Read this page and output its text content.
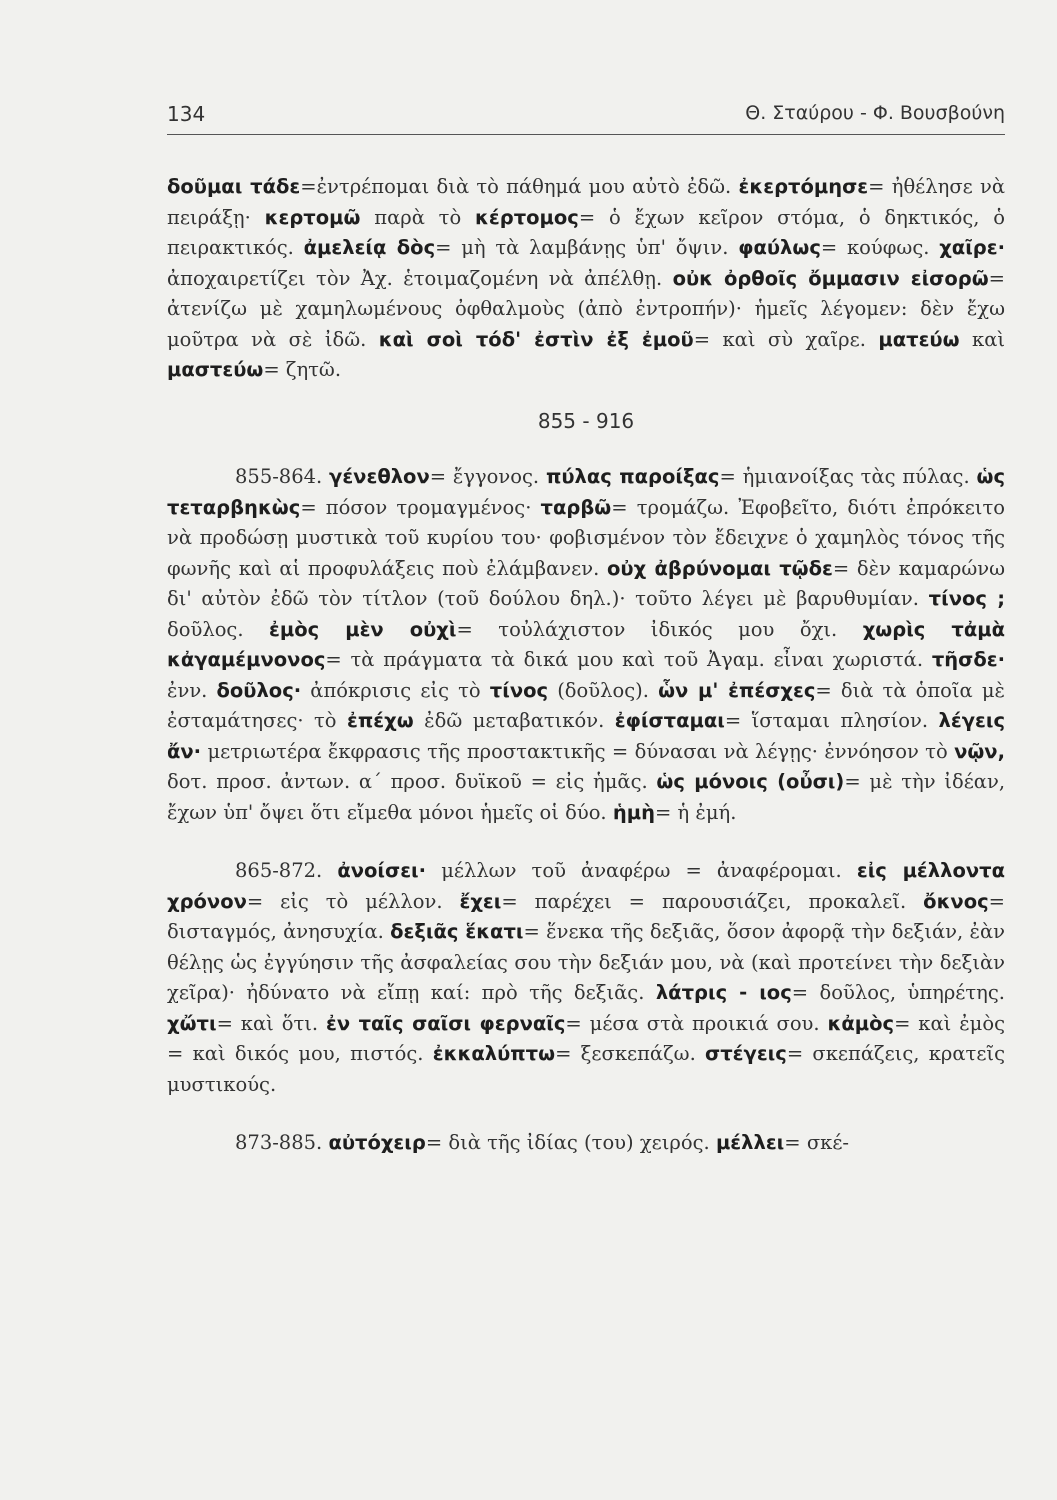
134	Θ. Σταύρου - Φ. Βουσβούνη

δοῦμαι τάδε=ἐντρέπομαι διὰ τὸ πάθημά μου αὐτὸ ἐδῶ. ἐκερτόμησε= ἠθέλησε νὰ πειράξῃ· κερτομῶ παρὰ τὸ κέρτομος= ὁ ἔχων κεῖρον στόμα, ὁ δηκτικός, ὁ πειρακτικός. ἀμελείᾳ δὸς= μὴ τὰ λαμβάνῃς ὑπ' ὄψιν. φαύλως= κούφως. χαῖρε· ἀποχαιρετίζει τὸν Ἀχ. ἑτοιμαζομένη νὰ ἀπέλθῃ. οὐκ ὀρθοῖς ὄμμασιν εἰσορῶ= ἀτενίζω μὲ χαμηλωμένους ὀφθαλμοὺς (ἀπὸ ἐντροπήν)· ἡμεῖς λέγομεν: δὲν ἔχω μοῦτρα νὰ σὲ ἰδῶ. καὶ σοὶ τόδ' ἐστὶν ἐξ ἐμοῦ= καὶ σὺ χαῖρε. ματεύω καὶ μαστεύω= ζητῶ.

855 - 916

855-864. γένεθλον= ἔγγονος. πύλας παροίξας= ἡμιανοίξας τὰς πύλας. ὡς τεταρβηκὼς= πόσον τρομαγμένος· ταρβῶ= τρομάζω. Ἐφοβεῖτο, διότι ἐπρόκειτο νὰ προδώσῃ μυστικὰ τοῦ κυρίου του· φοβισμένον τὸν ἔδειχνε ὁ χαμηλὸς τόνος τῆς φωνῆς καὶ αἱ προφυλάξεις ποὺ ἐλάμβανεν. οὐχ ἀβρύνομαι τῷδε= δὲν καμαρώνω δι' αὐτὸν ἐδῶ τὸν τίτλον (τοῦ δούλου δηλ.)· τοῦτο λέγει μὲ βαρυθυμίαν. τίνος ; δοῦλος. ἐμὸς μὲν οὐχὶ= τοὐλάχιστον ἰδικός μου ὄχι. χωρὶς τἀμὰ κἀγαμέμνονος= τὰ πράγματα τὰ δικά μου καὶ τοῦ Ἀγαμ. εἶναι χωριστά. τῆσδε· ἐνν. δοῦλος· ἀπόκρισις εἰς τὸ τίνος (δοῦλος). ὧν μ' ἐπέσχες= διὰ τὰ ὁποῖα μὲ ἐσταμάτησες· τὸ ἐπέχω ἐδῶ μεταβατικόν. ἐφίσταμαι= ἵσταμαι πλησίον. λέγεις ἄν· μετριωτέρα ἔκφρασις τῆς προστακτικῆς = δύνασαι νὰ λέγῃς· ἐννόησον τὸ νῷν, δοτ. προσ. ἀντων. α΄ προσ. δυϊκοῦ = εἰς ἡμᾶς. ὡς μόνοις (οὖσι)= μὲ τὴν ἰδέαν, ἔχων ὑπ' ὄψει ὅτι εἴμεθα μόνοι ἡμεῖς οἱ δύο. ἡμὴ= ἡ ἐμή.

865-872. ἀνοίσει· μέλλων τοῦ ἀναφέρω = ἀναφέρομαι. εἰς μέλλοντα χρόνον= εἰς τὸ μέλλον. ἔχει= παρέχει = παρουσιάζει, προκαλεῖ. ὄκνος= δισταγμός, ἀνησυχία. δεξιᾶς ἕκατι= ἕνεκα τῆς δεξιᾶς, ὅσον ἀφορᾷ τὴν δεξιάν, ἐὰν θέλῃς ὡς ἐγγύησιν τῆς ἀσφαλείας σου τὴν δεξιάν μου, νὰ (καὶ προτείνει τὴν δεξιὰν χεῖρα)· ἠδύνατο νὰ εἴπῃ καί: πρὸ τῆς δεξιᾶς. λάτρις - ιος= δοῦλος, ὑπηρέτης. χὤτι= καὶ ὅτι. ἐν ταῖς σαῖσι φερναῖς= μέσα στὰ προικιά σου. κἀμὸς= καὶ ἐμὸς = καὶ δικός μου, πιστός. ἐκκαλύπτω= ξεσκεπάζω. στέγεις= σκεπάζεις, κρατεῖς μυστικούς.

873-885. αὐτόχειρ= διὰ τῆς ἰδίας (του) χειρός. μέλλει= σκέ-
